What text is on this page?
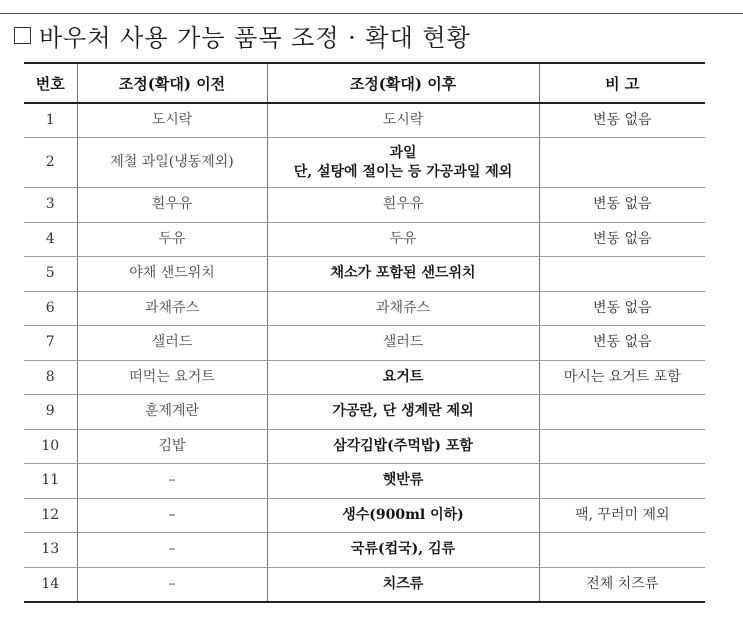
바우처 사용 가능 품목 조정 · 확대 현황
번호	조정(확대) 이전	조정(확대) 이후	비 고
1	도시락	도시락	변동 없음
2	제철 과일(냉동제외)	과일
단, 설탕에 절이는 등 가공과일 제외	

3	흰우유	흰우유	변동 없음
4	두유	두유	변동 없음
5	야채 샌드위치	채소가 포함된 샌드위치	

6	과채쥬스	과채쥬스	변동 없음
7	샐러드	샐러드	변동 없음
8	떠먹는 요거트	요거트	마시는 요거트 포함
9	훈제계란	가공란, 단 생계란 제외	

10	김밥	삼각김밥(주먹밥) 포함	

11	–	햇반류	

12	–	생수(900ml 이하)	팩, 꾸러미 제외
13	–	국류(컵국), 김류	

14	–	치즈류	전체 치즈류
